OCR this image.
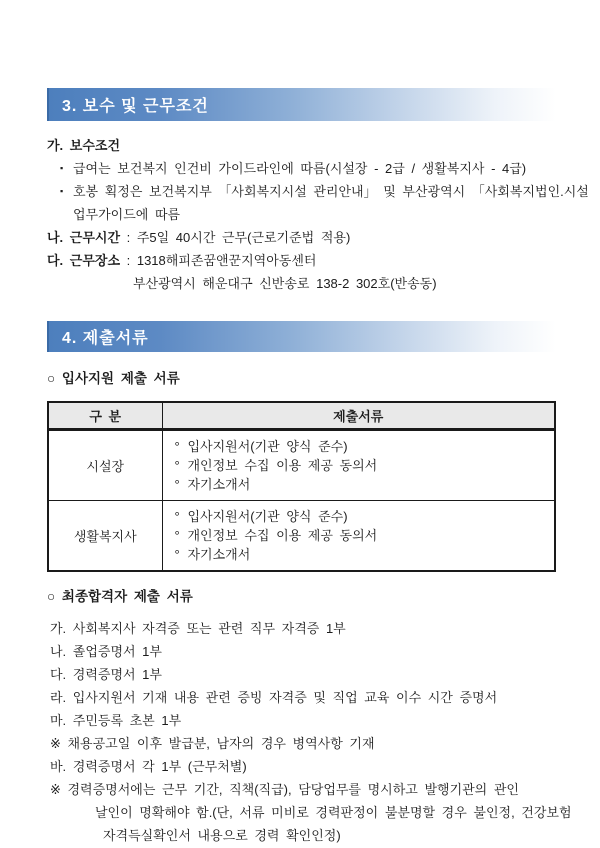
3. 보수 및 근무조건
가. 보수조건
▪ 급여는 보건복지 인건비 가이드라인에 따름(시설장 - 2급 / 생활복지사 - 4급)
▪ 호봉 획정은 보건복지부 「사회복지시설 관리안내」 및 부산광역시 「사회복지법인.시설
업무가이드에 따름
나. 근무시간 : 주5일 40시간 근무(근로기준법 적용)
다. 근무장소 : 1318해피존꿈앤꾼지역아동센터
부산광역시 해운대구 신반송로 138-2 302호(반송동)
4. 제출서류
○ 입사지원 제출 서류
구 분	제출서류
시설장	
° 입사지원서(기관 양식 준수)
° 개인정보 수집 이용 제공 동의서
° 자기소개서

생활복지사	
° 입사지원서(기관 양식 준수)
° 개인정보 수집 이용 제공 동의서
° 자기소개서
○ 최종합격자 제출 서류
가. 사회복지사 자격증 또는 관련 직무 자격증 1부
나. 졸업증명서 1부
다. 경력증명서 1부
라. 입사지원서 기재 내용 관련 증빙 자격증 및 직업 교육 이수 시간 증명서
마. 주민등록 초본 1부
※ 채용공고일 이후 발급분, 남자의 경우 병역사항 기재
바. 경력증명서 각 1부 (근무처별)
※ 경력증명서에는 근무 기간, 직책(직급), 담당업무를 명시하고 발행기관의 관인
날인이 명확해야 함.(단, 서류 미비로 경력판정이 불분명할 경우 불인정, 건강보험
자격득실확인서 내용으로 경력 확인인정)
